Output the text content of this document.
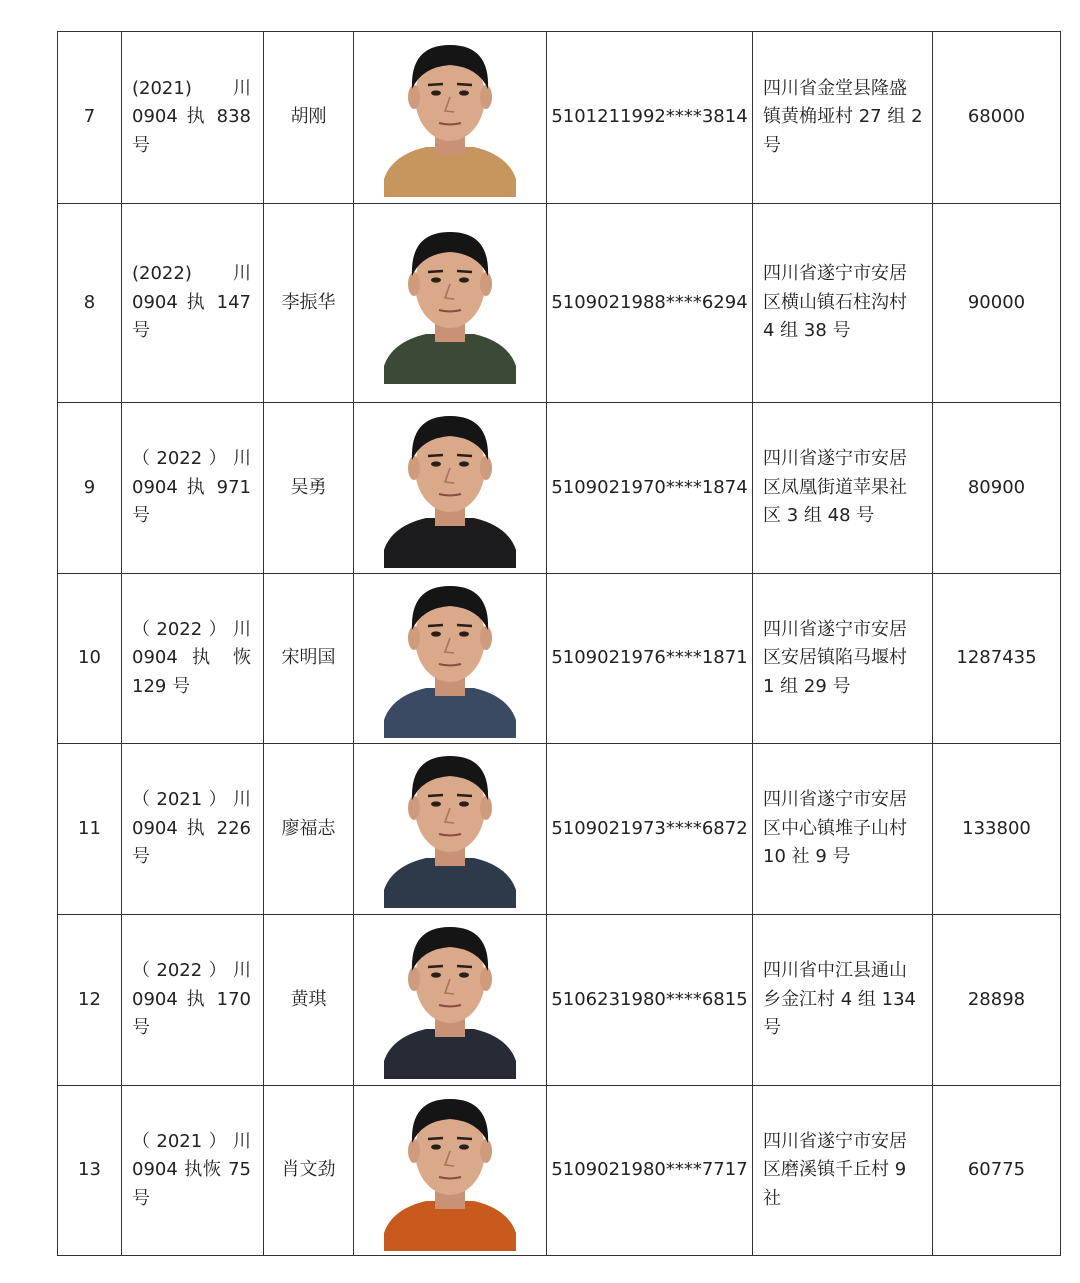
7	(2021) 川 0904 执 838 号	胡刚		5101211992****3814	四川省金堂县隆盛镇黄桷垭村 27 组 2 号	68000
8	(2022) 川 0904 执 147 号	李振华		5109021988****6294	四川省遂宁市安居区横山镇石柱沟村 4 组 38 号	90000
9	（2022）川 0904 执 971 号	吴勇		5109021970****1874	四川省遂宁市安居区凤凰街道苹果社区 3 组 48 号	80900
10	（2022）川 0904 执 恢 129 号	宋明国		5109021976****1871	四川省遂宁市安居区安居镇陷马堰村 1 组 29 号	1287435
11	（2021）川 0904 执 226 号	廖福志		5109021973****6872	四川省遂宁市安居区中心镇堆子山村 10 社 9 号	133800
12	（2022）川 0904 执 170 号	黄琪		5106231980****6815	四川省中江县通山乡金江村 4 组 134 号	28898
13	（2021）川 0904 执恢 75 号	肖文劲		5109021980****7717	四川省遂宁市安居区磨溪镇千丘村 9 社	60775
